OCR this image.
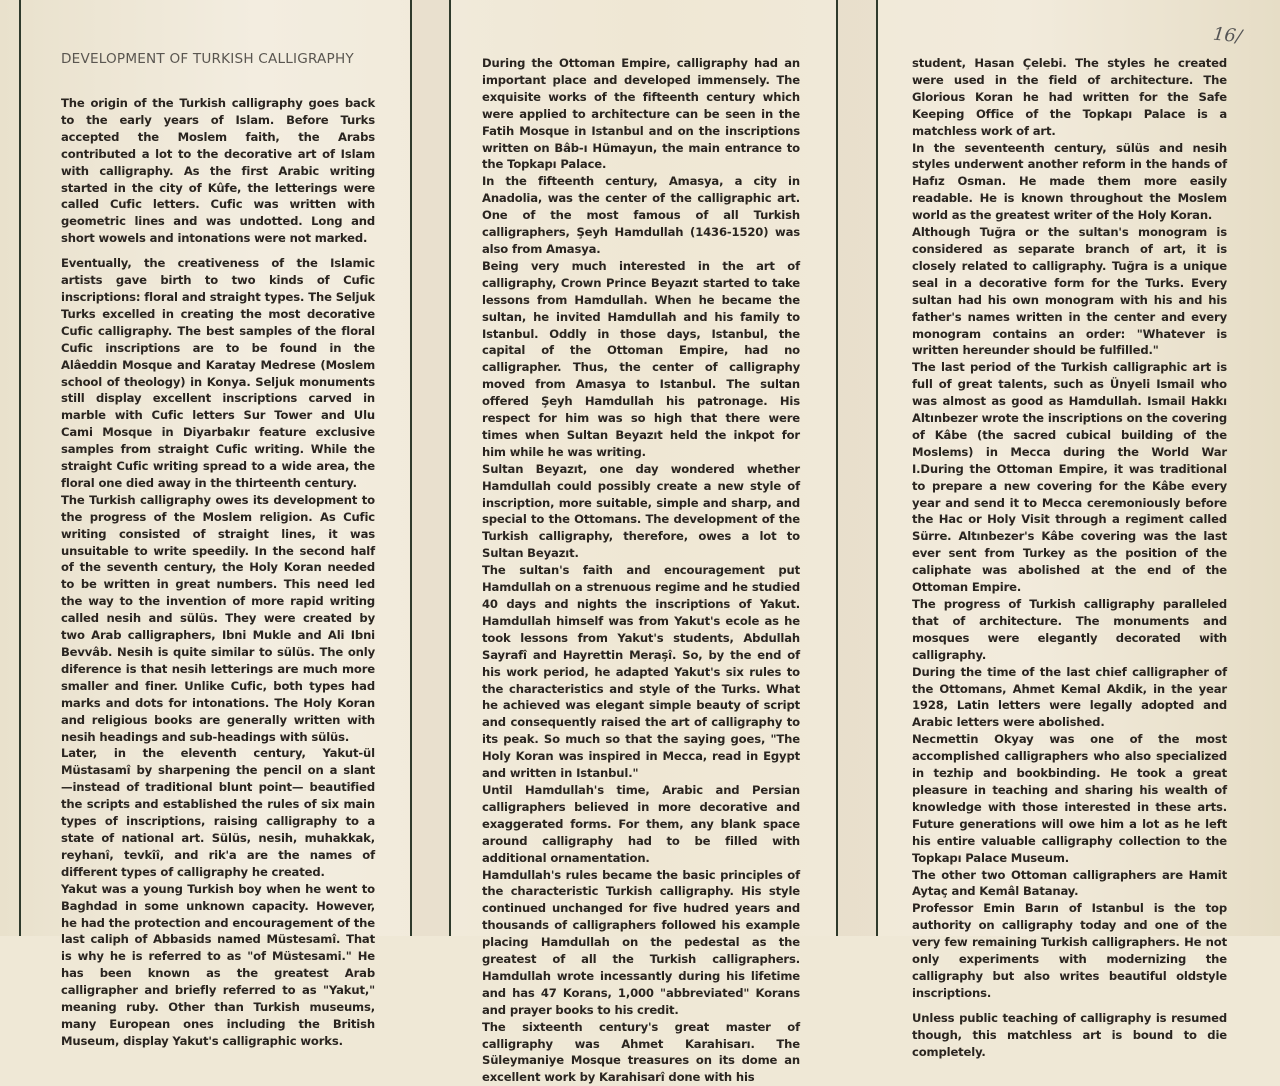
16/
DEVELOPMENT OF TURKISH CALLIGRAPHY

The origin of the Turkish calligraphy goes back to the early years of Islam. Before Turks accepted the Moslem faith, the Arabs contributed a lot to the decorative art of Islam with calligraphy. As the first Arabic writing started in the city of Kûfe, the letterings were called Cufic letters. Cufic was written with geometric lines and was undotted. Long and short wowels and intonations were not marked.

Eventually, the creativeness of the Islamic artists gave birth to two kinds of Cufic inscriptions: floral and straight types. The Seljuk Turks excelled in creating the most decorative Cufic calligraphy. The best samples of the floral Cufic inscriptions are to be found in the Alâeddin Mosque and Karatay Medrese (Moslem school of theology) in Konya. Seljuk monuments still display excellent inscriptions carved in marble with Cufic letters Sur Tower and Ulu Cami Mosque in Diyarbakır feature exclusive samples from straight Cufic writing. While the straight Cufic writing spread to a wide area, the floral one died away in the thirteenth century.

The Turkish calligraphy owes its development to the progress of the Moslem religion. As Cufic writing consisted of straight lines, it was unsuitable to write speedily. In the second half of the seventh century, the Holy Koran needed to be written in great numbers. This need led the way to the invention of more rapid writing called nesih and sülüs. They were created by two Arab calligraphers, Ibni Mukle and Ali Ibni Bevvâb. Nesih is quite similar to sülüs. The only diference is that nesih letterings are much more smaller and finer. Unlike Cufic, both types had marks and dots for intonations. The Holy Koran and religious books are generally written with nesih headings and sub-headings with sülüs.

Later, in the eleventh century, Yakut-ül Müstasamî by sharpening the pencil on a slant —instead of traditional blunt point— beautified the scripts and established the rules of six main types of inscriptions, raising calligraphy to a state of national art. Sülüs, nesih, muhakkak, reyhanî, tevkîî, and rik'a are the names of different types of calligraphy he created.

Yakut was a young Turkish boy when he went to Baghdad in some unknown capacity. However, he had the protection and encouragement of the last caliph of Abbasids named Müstesamî. That is why he is referred to as "of Müstesami." He has been known as the greatest Arab calligrapher and briefly referred to as "Yakut," meaning ruby. Other than Turkish museums, many European ones including the British Museum, display Yakut's calligraphic works.

During the Ottoman Empire, calligraphy had an important place and developed immensely. The exquisite works of the fifteenth century which were applied to architecture can be seen in the Fatih Mosque in Istanbul and on the inscriptions written on Bâb-ı Hümayun, the main entrance to the Topkapı Palace.

In the fifteenth century, Amasya, a city in Anadolia, was the center of the calligraphic art. One of the most famous of all Turkish calligraphers, Şeyh Hamdullah (1436-1520) was also from Amasya.

Being very much interested in the art of calligraphy, Crown Prince Beyazıt started to take lessons from Hamdullah. When he became the sultan, he invited Hamdullah and his family to Istanbul. Oddly in those days, Istanbul, the capital of the Ottoman Empire, had no calligrapher. Thus, the center of calligraphy moved from Amasya to Istanbul. The sultan offered Şeyh Hamdullah his patronage. His respect for him was so high that there were times when Sultan Beyazıt held the inkpot for him while he was writing.

Sultan Beyazıt, one day wondered whether Hamdullah could possibly create a new style of inscription, more suitable, simple and sharp, and special to the Ottomans. The development of the Turkish calligraphy, therefore, owes a lot to Sultan Beyazıt.

The sultan's faith and encouragement put Hamdullah on a strenuous regime and he studied 40 days and nights the inscriptions of Yakut. Hamdullah himself was from Yakut's ecole as he took lessons from Yakut's students, Abdullah Sayrafî and Hayrettin Meraşî. So, by the end of his work period, he adapted Yakut's six rules to the characteristics and style of the Turks. What he achieved was elegant simple beauty of script and consequently raised the art of calligraphy to its peak. So much so that the saying goes, "The Holy Koran was inspired in Mecca, read in Egypt and written in Istanbul."

Until Hamdullah's time, Arabic and Persian calligraphers believed in more decorative and exaggerated forms. For them, any blank space around calligraphy had to be filled with additional ornamentation.

Hamdullah's rules became the basic principles of the characteristic Turkish calligraphy. His style continued unchanged for five hudred years and thousands of calligraphers followed his example placing Hamdullah on the pedestal as the greatest of all the Turkish calligraphers. Hamdullah wrote incessantly during his lifetime and has 47 Korans, 1,000 "abbreviated" Korans and prayer books to his credit.

The sixteenth century's great master of calligraphy was Ahmet Karahisarı. The Süleymaniye Mosque treasures on its dome an excellent work by Karahisarî done with his

student, Hasan Çelebi. The styles he created were used in the field of architecture. The Glorious Koran he had written for the Safe Keeping Office of the Topkapı Palace is a matchless work of art.

In the seventeenth century, sülüs and nesih styles underwent another reform in the hands of Hafız Osman. He made them more easily readable. He is known throughout the Moslem world as the greatest writer of the Holy Koran.

Although Tuğra or the sultan's monogram is considered as separate branch of art, it is closely related to calligraphy. Tuğra is a unique seal in a decorative form for the Turks. Every sultan had his own monogram with his and his father's names written in the center and every monogram contains an order: "Whatever is written hereunder should be fulfilled."

The last period of the Turkish calligraphic art is full of great talents, such as Ünyeli Ismail who was almost as good as Hamdullah. Ismail Hakkı Altınbezer wrote the inscriptions on the covering of Kâbe (the sacred cubical building of the Moslems) in Mecca during the World War I.During the Ottoman Empire, it was traditional to prepare a new covering for the Kâbe every year and send it to Mecca ceremoniously before the Hac or Holy Visit through a regiment called Sürre. Altınbezer's Kâbe covering was the last ever sent from Turkey as the position of the caliphate was abolished at the end of the Ottoman Empire.

The progress of Turkish calligraphy paralleled that of architecture. The monuments and mosques were elegantly decorated with calligraphy.

During the time of the last chief calligrapher of the Ottomans, Ahmet Kemal Akdik, in the year 1928, Latin letters were legally adopted and Arabic letters were abolished.

Necmettin Okyay was one of the most accomplished calligraphers who also specialized in tezhip and bookbinding. He took a great pleasure in teaching and sharing his wealth of knowledge with those interested in these arts. Future generations will owe him a lot as he left his entire valuable calligraphy collection to the Topkapı Palace Museum.

The other two Ottoman calligraphers are Hamit Aytaç and Kemâl Batanay.

Professor Emin Barın of Istanbul is the top authority on calligraphy today and one of the very few remaining Turkish calligraphers. He not only experiments with modernizing the calligraphy but also writes beautiful oldstyle inscriptions.

Unless public teaching of calligraphy is resumed though, this matchless art is bound to die completely.
